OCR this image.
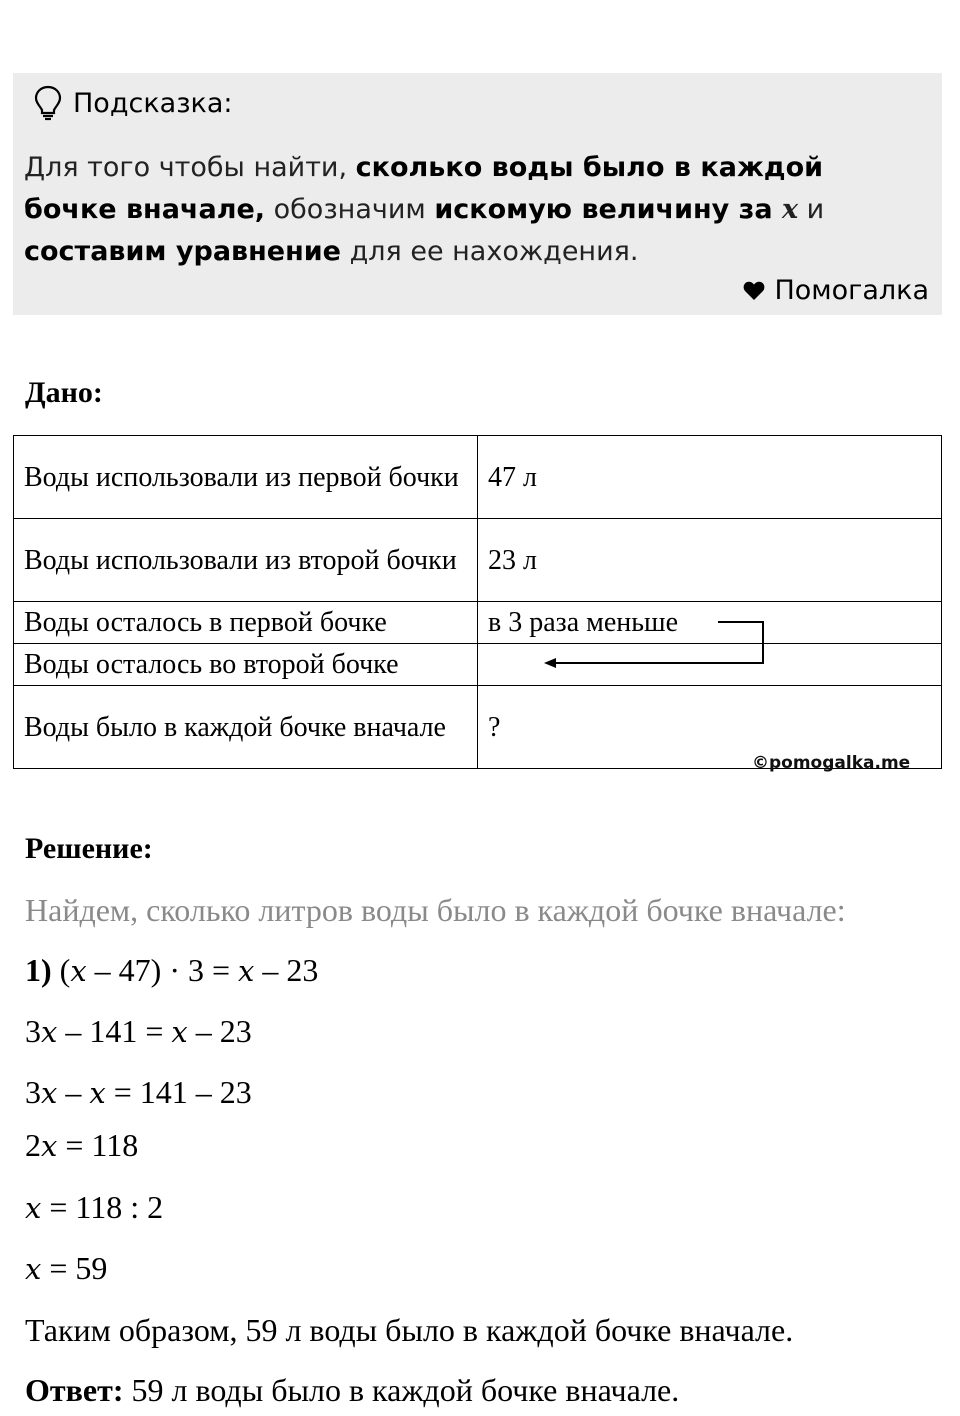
Подсказка:
Для того чтобы найти, сколько воды было в каждой бочке вначале, обозначим искомую величину за x и составим уравнение для ее нахождения.
Помогалка
Дано:
Воды использовали из первой бочки	47 л
Воды использовали из второй бочки	23 л
Воды осталось в первой бочке	в 3 раза меньше
Воды осталось во второй бочке	
Воды было в каждой бочке вначале	?
©pomogalka.me
Решение:
Найдем, сколько литров воды было в каждой бочке вначале:
1) (x – 47) · 3 = x – 23
3x – 141 = x – 23
3x – x = 141 – 23
2x = 118
x = 118 : 2
x = 59
Таким образом, 59 л воды было в каждой бочке вначале.
Ответ: 59 л воды было в каждой бочке вначале.
